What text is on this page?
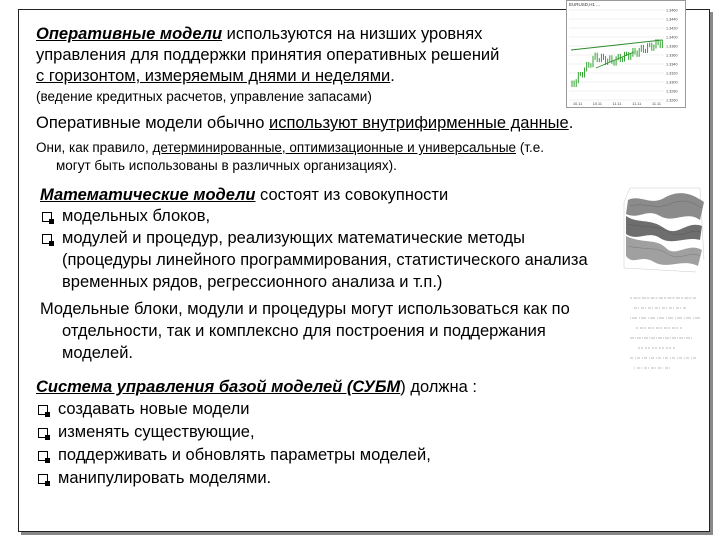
Оперативные модели используются на низших уровнях
управления для поддержки принятия оперативных решений
с горизонтом, измеряемым днями и неделями.
(ведение кредитных расчетов, управление запасами)
Оперативные модели обычно используют внутрифирменные данные.
Они, как правило, детерминированные, оптимизационные и универсальные (т.е.
могут быть использованы в различных организациях).
Математические модели состоят из совокупности
модельных блоков,
модулей и процедур, реализующих математические методы
(процедуры линейного программирования, статистического анализа
временных рядов, регрессионного анализа и т.п.)
Модельные блоки, модули и процедуры могут использоваться как по
отдельности, так и комплексно для построения и поддержания
моделей.
Система управления базой моделей (СУБМ) должна :
создавать новые модели
изменять существующие,
поддерживать и обновлять параметры моделей,
манипулировать моделями.
EURUSD,H1 ...
1.3460
1.3440
1.3420
1.3400
1.3380
1.3360
1.3340
1.3320
1.3300
1.3280
1.3260
10.11	10.11	11.11	11.11	11.11
